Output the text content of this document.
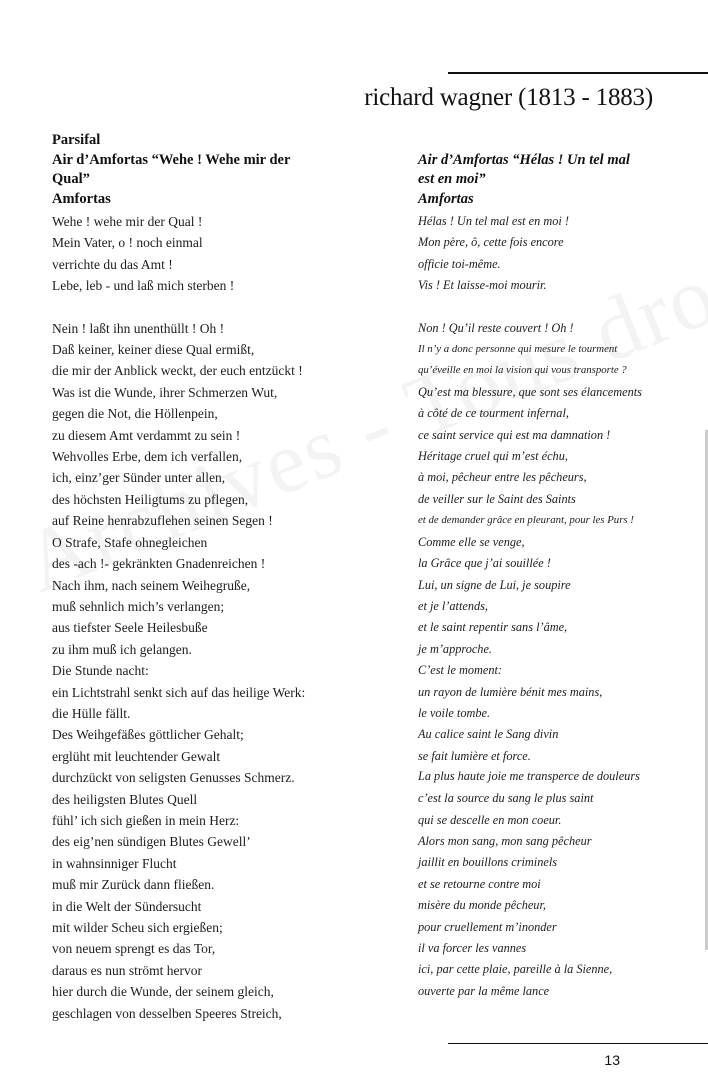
richard wagner (1813 - 1883)
Parsifal
Air d’Amfortas “Wehe ! Wehe mir der
Qual”
Amfortas
Wehe ! wehe mir der Qual !
Mein Vater, o ! noch einmal
verrichte du das Amt !
Lebe, leb - und laß mich sterben !
Nein ! laßt ihn unenthüllt ! Oh !
Daß keiner, keiner diese Qual ermißt,
die mir der Anblick weckt, der euch entzückt !
Was ist die Wunde, ihrer Schmerzen Wut,
gegen die Not, die Höllenpein,
zu diesem Amt verdammt zu sein !
Wehvolles Erbe, dem ich verfallen,
ich, einz’ger Sünder unter allen,
des höchsten Heiligtums zu pflegen,
auf Reine henrabzuflehen seinen Segen !
O Strafe, Stafe ohnegleichen
des -ach !- gekränkten Gnadenreichen !
Nach ihm, nach seinem Weihegruße,
muß sehnlich mich’s verlangen;
aus tiefster Seele Heilesbuße
zu ihm muß ich gelangen.
Die Stunde nacht:
ein Lichtstrahl senkt sich auf das heilige Werk:
die Hülle fällt.
Des Weihgefäßes göttlicher Gehalt;
erglüht mit leuchtender Gewalt
durchzückt von seligsten Genusses Schmerz.
des heiligsten Blutes Quell
fühl’ ich sich gießen in mein Herz:
des eig’nen sündigen Blutes Gewell’
in wahnsinniger Flucht
muß mir Zurück dann fließen.
in die Welt der Sündersucht
mit wilder Scheu sich ergießen;
von neuem sprengt es das Tor,
daraus es nun strömt hervor
hier durch die Wunde, der seinem gleich,
geschlagen von desselben Speeres Streich,
Air d’Amfortas “Hélas ! Un tel mal
est en moi”
Amfortas
Hélas ! Un tel mal est en moi !
Mon père, ô, cette fois encore
officie toi-même.
Vis ! Et laisse-moi mourir.
Non ! Qu’il reste couvert ! Oh !
Il n’y a donc personne qui mesure le tourment
qu’éveille en moi la vision qui vous transporte ?
Qu’est ma blessure, que sont ses élancements
à côté de ce tourment infernal,
ce saint service qui est ma damnation !
Héritage cruel qui m’est échu,
à moi, pêcheur entre les pêcheurs,
de veiller sur le Saint des Saints
et de demander grâce en pleurant, pour les Purs !
Comme elle se venge,
la Grâce que j’ai souillée !
Lui, un signe de Lui, je soupire
et je l’attends,
et le saint repentir sans l’âme,
je m’approche.
C’est le moment:
un rayon de lumière bénit mes mains,
le voile tombe.
Au calice saint le Sang divin
se fait lumière et force.
La plus haute joie me transperce de douleurs
c’est la source du sang le plus saint
qui se descelle en mon coeur.
Alors mon sang, mon sang pêcheur
jaillit en bouillons criminels
et se retourne contre moi
misère du monde pêcheur,
pour cruellement m’inonder
il va forcer les vannes
ici, par cette plaie, pareille à la Sienne,
ouverte par la même lance
13
